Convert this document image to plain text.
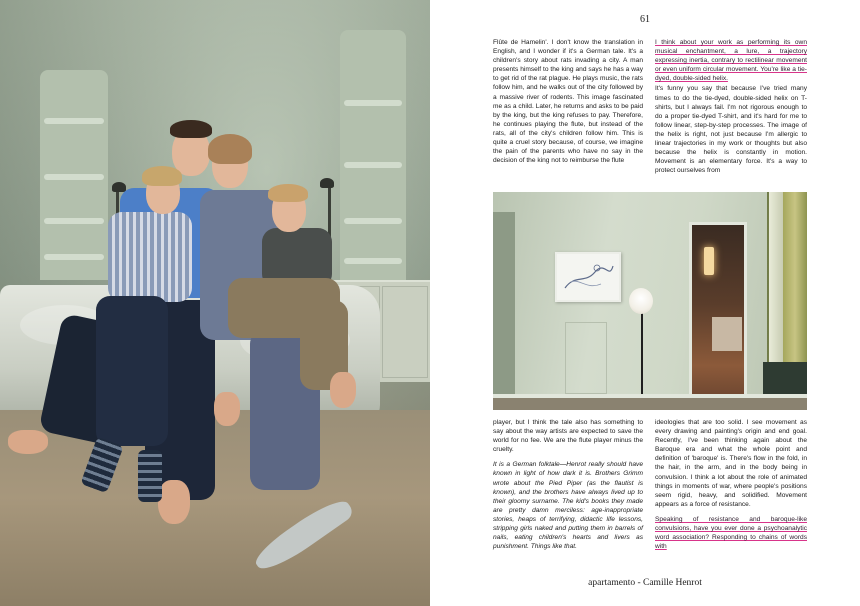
61

Flûte de Hamelin'. I don't know the translation in English, and I wonder if it's a German tale. It's a children's story about rats invading a city. A man presents himself to the king and says he has a way to get rid of the rat plague. He plays music, the rats follow him, and he walks out of the city followed by a massive river of rodents. This image fascinated me as a child. Later, he returns and asks to be paid by the king, but the king refuses to pay. Therefore, he continues playing the flute, but instead of the rats, all of the city's children follow him. This is quite a cruel story because, of course, we imagine the pain of the parents who have no say in the decision of the king not to reimburse the flute

I think about your work as performing its own musical enchantment, a lure, a trajectory expressing inertia, contrary to rectilinear movement or even uniform circular movement. You're like a tie-dyed, double-sided helix.

It's funny you say that because I've tried many times to do the tie-dyed, double-sided helix on T-shirts, but I always fail. I'm not rigorous enough to do a proper tie-dyed T-shirt, and it's hard for me to follow linear, step-by-step processes. The image of the helix is right, not just because I'm allergic to linear trajectories in my work or thoughts but also because the helix is constantly in motion. Movement is an elementary force. It's a way to protect ourselves from

player, but I think the tale also has something to say about the way artists are expected to save the world for no fee. We are the flute player minus the cruelty.

It is a German folktale—Henrot really should have known in light of how dark it is. Brothers Grimm wrote about the Pied Piper (as the flautist is known), and the brothers have always lived up to their gloomy surname. The kid's books they made are pretty damn merciless: age-inappropriate stories, heaps of terrifying, didactic life lessons, stripping girls naked and putting them in barrels of nails, eating children's hearts and livers as punishment. Things like that.

ideologies that are too solid. I see movement as every drawing and painting's origin and end goal. Recently, I've been thinking again about the Baroque era and what the whole point and definition of 'baroque' is. There's flow in the fold, in the hair, in the arm, and in the body being in convulsion. I think a lot about the role of animated things in moments of war, where people's positions seem rigid, heavy, and solidified. Movement appears as a force of resistance.

Speaking of resistance and baroque-like convulsions, have you ever done a psychoanalytic word association? Responding to chains of words with

apartamento - Camille Henrot
